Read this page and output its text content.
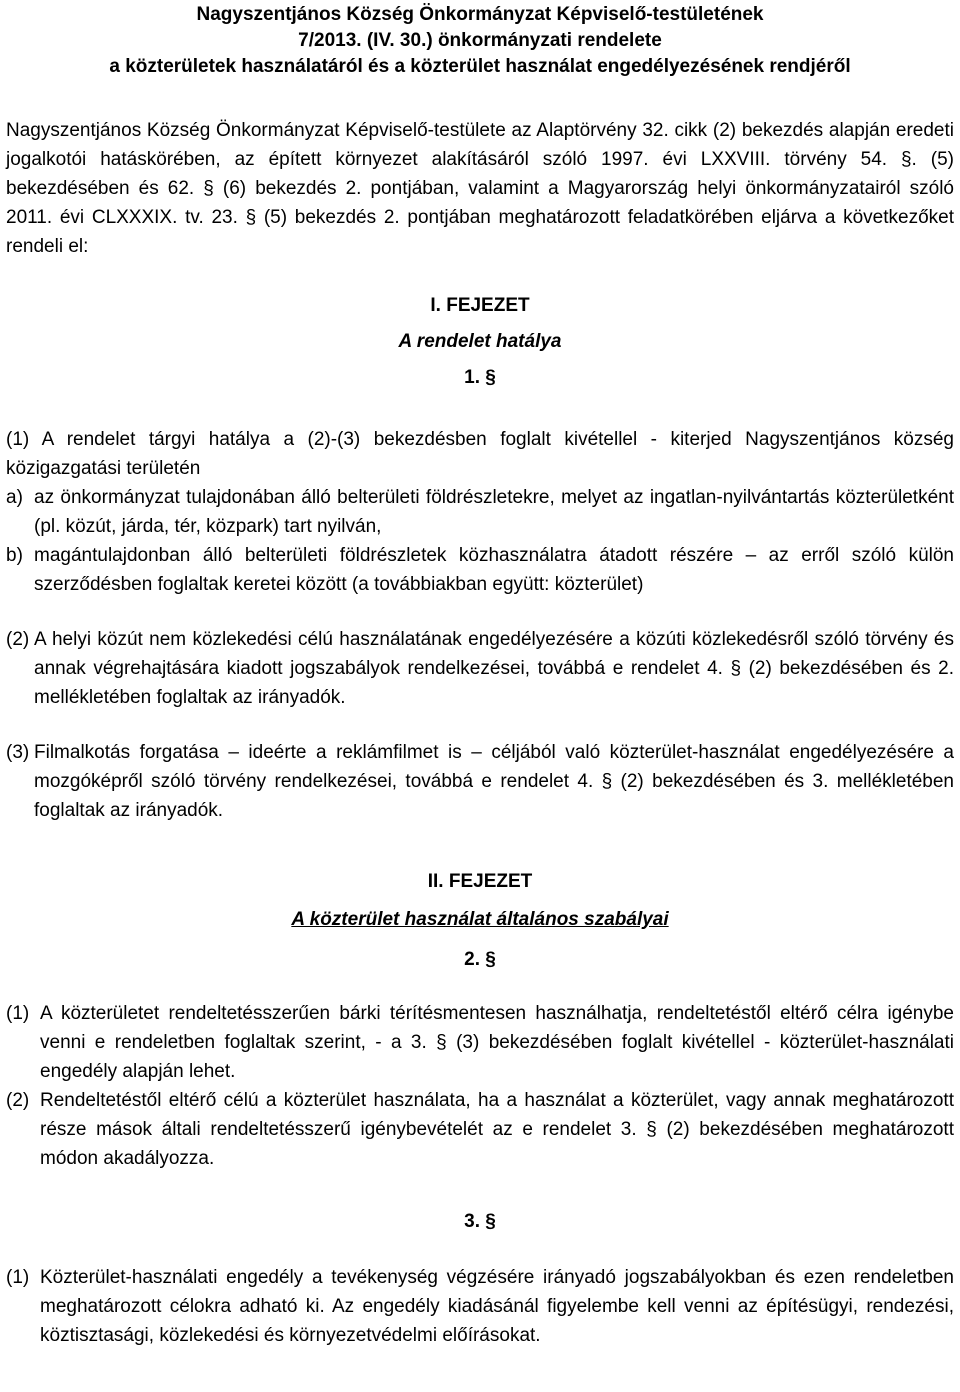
Nagyszentjános Község Önkormányzat Képviselő-testületének
7/2013. (IV. 30.) önkormányzati rendelete
a közterületek használatáról és a közterület használat engedélyezésének rendjéről
Nagyszentjános Község Önkormányzat Képviselő-testülete az Alaptörvény 32. cikk (2) bekezdés alapján eredeti jogalkotói hatáskörében, az épített környezet alakításáról szóló 1997. évi LXXVIII. törvény 54. §. (5) bekezdésében és 62. § (6) bekezdés 2. pontjában, valamint a Magyarország helyi önkormányzatairól szóló 2011. évi CLXXXIX. tv. 23. § (5) bekezdés 2. pontjában meghatározott feladatkörében eljárva a következőket rendeli el:
I. FEJEZET
A rendelet hatálya
1. §
(1) A rendelet tárgyi hatálya a (2)-(3) bekezdésben foglalt kivétellel - kiterjed Nagyszentjános község közigazgatási területén
a) az önkormányzat tulajdonában álló belterületi földrészletekre, melyet az ingatlan-nyilvántartás közterületként (pl. közút, járda, tér, közpark) tart nyilván,
b) magántulajdonban álló belterületi földrészletek közhasználatra átadott részére – az erről szóló külön szerződésben foglaltak keretei között (a továbbiakban együtt: közterület)
(2) A helyi közút nem közlekedési célú használatának engedélyezésére a közúti közlekedésről szóló törvény és annak végrehajtására kiadott jogszabályok rendelkezései, továbbá e rendelet 4. § (2) bekezdésében és 2. mellékletében foglaltak az irányadók.
(3) Filmalkotás forgatása – ideérte a reklámfilmet is – céljából való közterület-használat engedélyezésére a mozgóképről szóló törvény rendelkezései, továbbá e rendelet 4. § (2) bekezdésében és 3. mellékletében foglaltak az irányadók.
II. FEJEZET
A közterület használat általános szabályai
2. §
(1) A közterületet rendeltetésszerűen bárki térítésmentesen használhatja, rendeltetéstől eltérő célra igénybe venni e rendeletben foglaltak szerint, - a 3. § (3) bekezdésében foglalt kivétellel - közterület-használati engedély alapján lehet.
(2) Rendeltetéstől eltérő célú a közterület használata, ha a használat a közterület, vagy annak meghatározott része mások általi rendeltetésszerű igénybevételét az e rendelet 3. § (2) bekezdésében meghatározott módon akadályozza.
3. §
(1) Közterület-használati engedély a tevékenység végzésére irányadó jogszabályokban és ezen rendeletben meghatározott célokra adható ki. Az engedély kiadásánál figyelembe kell venni az építésügyi, rendezési, köztisztasági, közlekedési és környezetvédelmi előírásokat.
